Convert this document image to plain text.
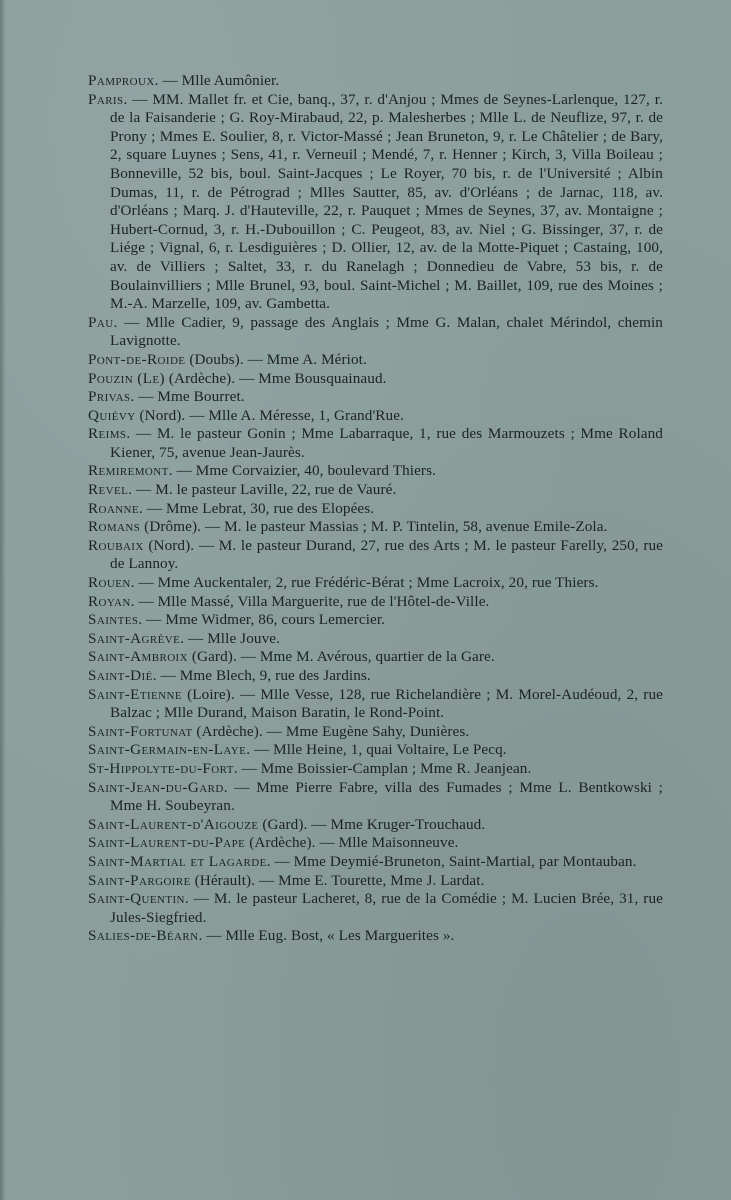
Pamproux. — Mlle Aumônier.

Paris. — MM. Mallet fr. et Cie, banq., 37, r. d'Anjou ; Mmes de Seynes-Larlenque, 127, r. de la Faisanderie ; G. Roy-Mirabaud, 22, p. Malesherbes ; Mlle L. de Neuflize, 97, r. de Prony ; Mmes E. Soulier, 8, r. Victor-Massé ; Jean Bruneton, 9, r. Le Châtelier ; de Bary, 2, square Luynes ; Sens, 41, r. Verneuil ; Mendé, 7, r. Henner ; Kirch, 3, Villa Boileau ; Bonneville, 52 bis, boul. Saint-Jacques ; Le Royer, 70 bis, r. de l'Université ; Albin Dumas, 11, r. de Pétrograd ; Mlles Sautter, 85, av. d'Orléans ; de Jarnac, 118, av. d'Orléans ; Marq. J. d'Hauteville, 22, r. Pauquet ; Mmes de Seynes, 37, av. Montaigne ; Hubert-Cornud, 3, r. H.-Dubouillon ; C. Peugeot, 83, av. Niel ; G. Bissinger, 37, r. de Liége ; Vignal, 6, r. Lesdiguières ; D. Ollier, 12, av. de la Motte-Piquet ; Castaing, 100, av. de Villiers ; Saltet, 33, r. du Ranelagh ; Donnedieu de Vabre, 53 bis, r. de Boulainvilliers ; Mlle Brunel, 93, boul. Saint-Michel ; M. Baillet, 109, rue des Moines ; M.-A. Marzelle, 109, av. Gambetta.

Pau. — Mlle Cadier, 9, passage des Anglais ; Mme G. Malan, chalet Mérindol, chemin Lavignotte.

Pont-de-Roide (Doubs). — Mme A. Mériot.

Pouzin (Le) (Ardèche). — Mme Bousquainaud.

Privas. — Mme Bourret.

Quiévy (Nord). — Mlle A. Méresse, 1, Grand'Rue.

Reims. — M. le pasteur Gonin ; Mme Labarraque, 1, rue des Marmouzets ; Mme Roland Kiener, 75, avenue Jean-Jaurès.

Remiremont. — Mme Corvaizier, 40, boulevard Thiers.

Revel. — M. le pasteur Laville, 22, rue de Vauré.

Roanne. — Mme Lebrat, 30, rue des Elopées.

Romans (Drôme). — M. le pasteur Massias ; M. P. Tintelin, 58, avenue Emile-Zola.

Roubaix (Nord). — M. le pasteur Durand, 27, rue des Arts ; M. le pasteur Farelly, 250, rue de Lannoy.

Rouen. — Mme Auckentaler, 2, rue Frédéric-Bérat ; Mme Lacroix, 20, rue Thiers.

Royan. — Mlle Massé, Villa Marguerite, rue de l'Hôtel-de-Ville.

Saintes. — Mme Widmer, 86, cours Lemercier.

Saint-Agrève. — Mlle Jouve.

Saint-Ambroix (Gard). — Mme M. Avérous, quartier de la Gare.

Saint-Dié. — Mme Blech, 9, rue des Jardins.

Saint-Etienne (Loire). — Mlle Vesse, 128, rue Richelandière ; M. Morel-Audéoud, 2, rue Balzac ; Mlle Durand, Maison Baratin, le Rond-Point.

Saint-Fortunat (Ardèche). — Mme Eugène Sahy, Dunières.

Saint-Germain-en-Laye. — Mlle Heine, 1, quai Voltaire, Le Pecq.

St-Hippolyte-du-Fort. — Mme Boissier-Camplan ; Mme R. Jeanjean.

Saint-Jean-du-Gard. — Mme Pierre Fabre, villa des Fumades ; Mme L. Bentkowski ; Mme H. Soubeyran.

Saint-Laurent-d'Aigouze (Gard). — Mme Kruger-Trouchaud.

Saint-Laurent-du-Pape (Ardèche). — Mlle Maisonneuve.

Saint-Martial et Lagarde. — Mme Deymié-Bruneton, Saint-Martial, par Montauban.

Saint-Pargoire (Hérault). — Mme E. Tourette, Mme J. Lardat.

Saint-Quentin. — M. le pasteur Lacheret, 8, rue de la Comédie ; M. Lucien Brée, 31, rue Jules-Siegfried.

Salies-de-Béarn. — Mlle Eug. Bost, « Les Marguerites ».
